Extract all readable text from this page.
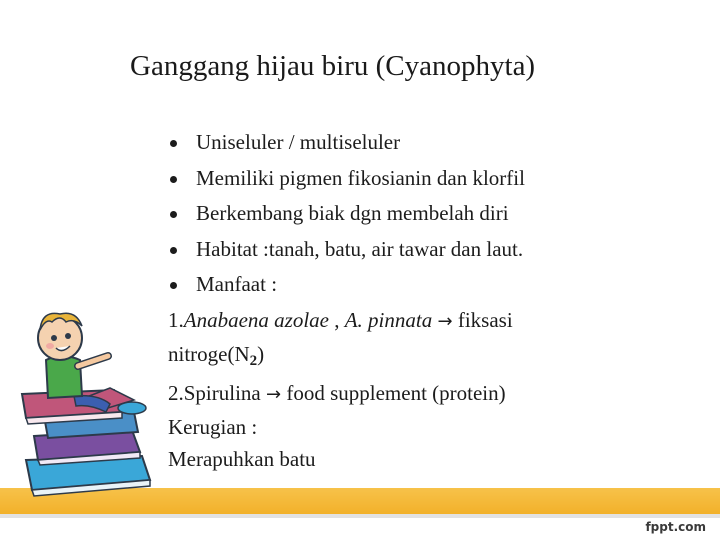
Ganggang hijau biru (Cyanophyta)
Uniseluler / multiseluler
Memiliki pigmen fikosianin dan klorfil
Berkembang biak dgn membelah diri
Habitat :tanah, batu, air tawar dan laut.
Manfaat :
1.Anabaena azolae , A. pinnata → fiksasi
$nitroge(N_2)$
2.Spirulina → food supplement (protein)
Kerugian :
Merapuhkan batu
fppt.com
